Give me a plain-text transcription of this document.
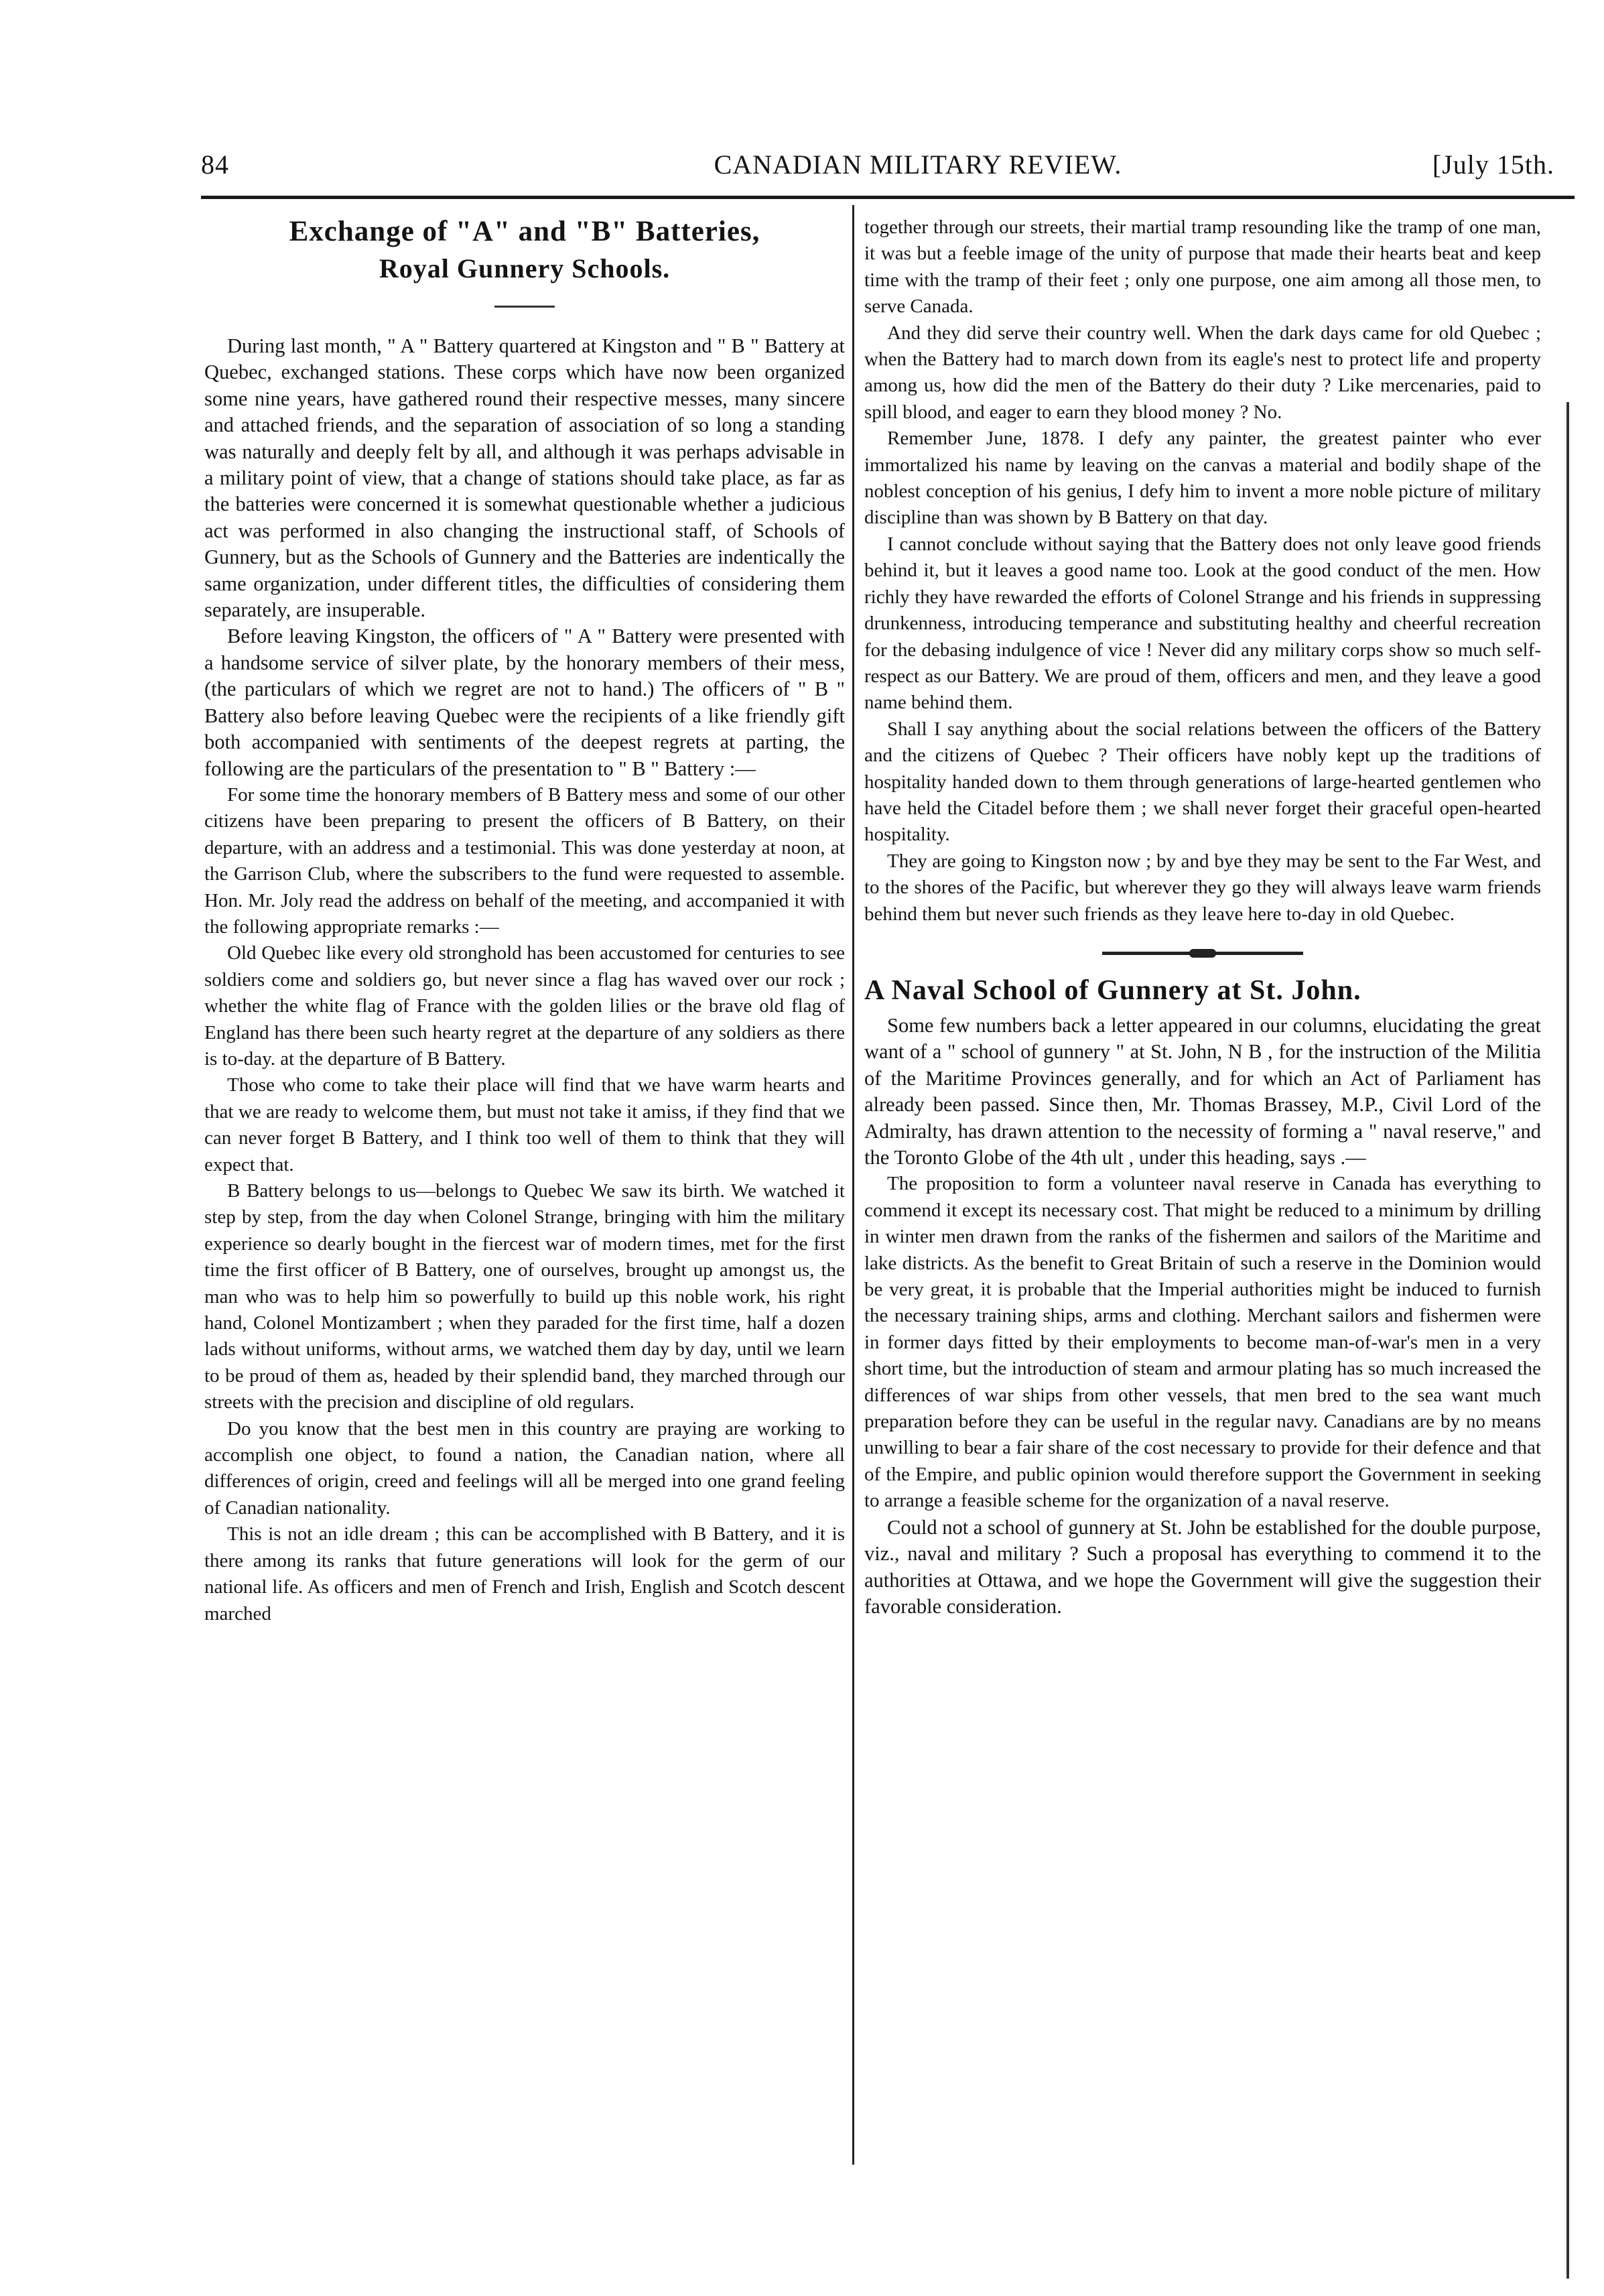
84	CANADIAN MILITARY REVIEW.	[July 15th.
Exchange of "A" and "B" Batteries,
Royal Gunnery Schools.

During last month, " A " Battery quartered at Kingston and " B " Battery at Quebec, exchanged stations. These corps which have now been organized some nine years, have gathered round their respective messes, many sincere and attached friends, and the separation of association of so long a standing was naturally and deeply felt by all, and although it was perhaps advisable in a military point of view, that a change of stations should take place, as far as the batteries were concerned it is somewhat questionable whether a judicious act was performed in also changing the instructional staff, of Schools of Gunnery, but as the Schools of Gunnery and the Batteries are indentically the same organization, under different titles, the difficulties of considering them separately, are insuperable.

Before leaving Kingston, the officers of " A " Battery were presented with a handsome service of silver plate, by the honorary members of their mess, (the particulars of which we regret are not to hand.) The officers of " B " Battery also before leaving Quebec were the recipients of a like friendly gift both accompanied with sentiments of the deepest regrets at parting, the following are the particulars of the presentation to " B " Battery :—

For some time the honorary members of B Battery mess and some of our other citizens have been preparing to present the officers of B Battery, on their departure, with an address and a testimonial. This was done yesterday at noon, at the Garrison Club, where the subscribers to the fund were requested to assemble. Hon. Mr. Joly read the address on behalf of the meeting, and accompanied it with the following appropriate remarks :—

Old Quebec like every old stronghold has been accustomed for centuries to see soldiers come and soldiers go, but never since a flag has waved over our rock ; whether the white flag of France with the golden lilies or the brave old flag of England has there been such hearty regret at the departure of any soldiers as there is to-day. at the departure of B Battery.

Those who come to take their place will find that we have warm hearts and that we are ready to welcome them, but must not take it amiss, if they find that we can never forget B Battery, and I think too well of them to think that they will expect that.

B Battery belongs to us—belongs to Quebec We saw its birth. We watched it step by step, from the day when Colonel Strange, bringing with him the military experience so dearly bought in the fiercest war of modern times, met for the first time the first officer of B Battery, one of ourselves, brought up amongst us, the man who was to help him so powerfully to build up this noble work, his right hand, Colonel Montizambert ; when they paraded for the first time, half a dozen lads without uniforms, without arms, we watched them day by day, until we learn to be proud of them as, headed by their splendid band, they marched through our streets with the precision and discipline of old regulars.

Do you know that the best men in this country are praying are working to accomplish one object, to found a nation, the Canadian nation, where all differences of origin, creed and feelings will all be merged into one grand feeling of Canadian nationality.

This is not an idle dream ; this can be accomplished with B Battery, and it is there among its ranks that future generations will look for the germ of our national life. As officers and men of French and Irish, English and Scotch descent marched

together through our streets, their martial tramp resounding like the tramp of one man, it was but a feeble image of the unity of purpose that made their hearts beat and keep time with the tramp of their feet ; only one purpose, one aim among all those men, to serve Canada.

And they did serve their country well. When the dark days came for old Quebec ; when the Battery had to march down from its eagle's nest to protect life and property among us, how did the men of the Battery do their duty ? Like mercenaries, paid to spill blood, and eager to earn they blood money ? No.

Remember June, 1878. I defy any painter, the greatest painter who ever immortalized his name by leaving on the canvas a material and bodily shape of the noblest conception of his genius, I defy him to invent a more noble picture of military discipline than was shown by B Battery on that day.

I cannot conclude without saying that the Battery does not only leave good friends behind it, but it leaves a good name too. Look at the good conduct of the men. How richly they have rewarded the efforts of Colonel Strange and his friends in suppressing drunkenness, introducing temperance and substituting healthy and cheerful recreation for the debasing indulgence of vice ! Never did any military corps show so much self-respect as our Battery. We are proud of them, officers and men, and they leave a good name behind them.

Shall I say anything about the social relations between the officers of the Battery and the citizens of Quebec ? Their officers have nobly kept up the traditions of hospitality handed down to them through generations of large-hearted gentlemen who have held the Citadel before them ; we shall never forget their graceful open-hearted hospitality.

They are going to Kingston now ; by and bye they may be sent to the Far West, and to the shores of the Pacific, but wherever they go they will always leave warm friends behind them but never such friends as they leave here to-day in old Quebec.

A Naval School of Gunnery at St. John.

Some few numbers back a letter appeared in our columns, elucidating the great want of a " school of gunnery " at St. John, N B , for the instruction of the Militia of the Maritime Provinces generally, and for which an Act of Parliament has already been passed. Since then, Mr. Thomas Brassey, M.P., Civil Lord of the Admiralty, has drawn attention to the necessity of forming a " naval reserve," and the Toronto Globe of the 4th ult , under this heading, says .—

The proposition to form a volunteer naval reserve in Canada has everything to commend it except its necessary cost. That might be reduced to a minimum by drilling in winter men drawn from the ranks of the fishermen and sailors of the Maritime and lake districts. As the benefit to Great Britain of such a reserve in the Dominion would be very great, it is probable that the Imperial authorities might be induced to furnish the necessary training ships, arms and clothing. Merchant sailors and fishermen were in former days fitted by their employments to become man-of-war's men in a very short time, but the introduction of steam and armour plating has so much increased the differences of war ships from other vessels, that men bred to the sea want much preparation before they can be useful in the regular navy. Canadians are by no means unwilling to bear a fair share of the cost necessary to provide for their defence and that of the Empire, and public opinion would therefore support the Government in seeking to arrange a feasible scheme for the organization of a naval reserve.

Could not a school of gunnery at St. John be established for the double purpose, viz., naval and military ? Such a proposal has everything to commend it to the authorities at Ottawa, and we hope the Government will give the suggestion their favorable consideration.
